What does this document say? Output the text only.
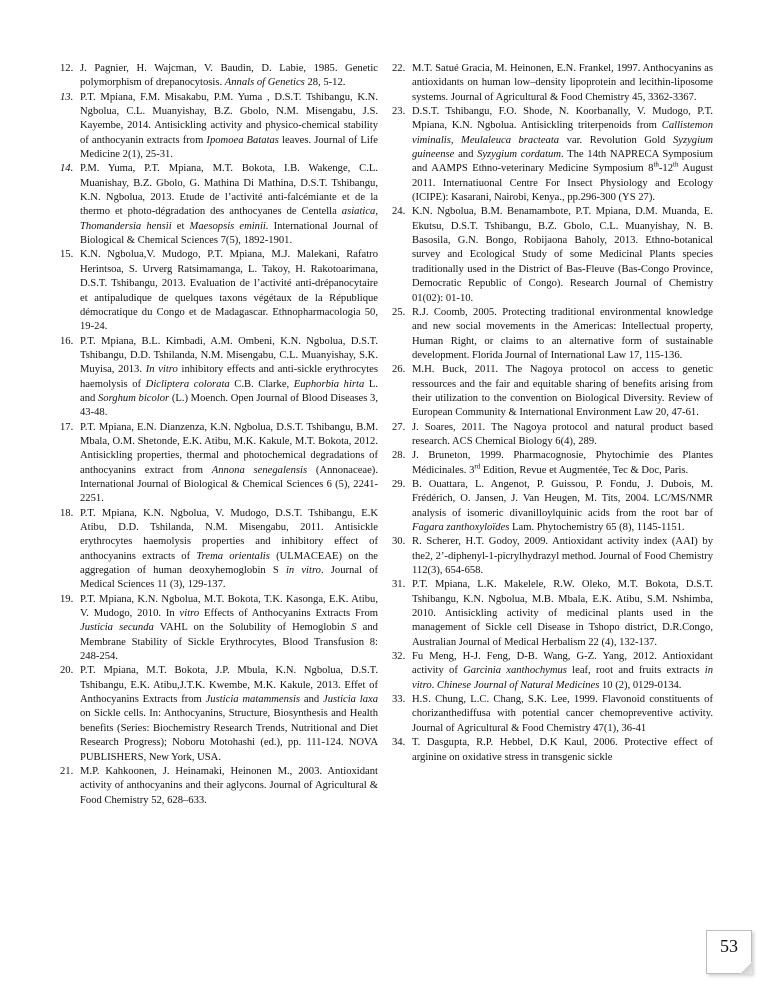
12. J. Pagnier, H. Wajcman, V. Baudin, D. Labie, 1985. Genetic polymorphism of drepanocytosis. Annals of Genetics 28, 5-12.
13. P.T. Mpiana, F.M. Misakabu, P.M. Yuma , D.S.T. Tshibangu, K.N. Ngbolua, C.L. Muanyishay, B.Z. Gbolo, N.M. Misengabu, J.S. Kayembe, 2014. Antisickling activity and physico-chemical stability of anthocyanin extracts from Ipomoea Batatas leaves. Journal of Life Medicine 2(1), 25-31.
14. P.M. Yuma, P.T. Mpiana, M.T. Bokota, I.B. Wakenge, C.L. Muanishay, B.Z. Gbolo, G. Mathina Di Mathina, D.S.T. Tshibangu, K.N. Ngbolua, 2013. Etude de l’activité anti-falcémiante et de la thermo et photo-dégradation des anthocyanes de Centella asiatica, Thomandersia hensii et Maesopsis eminii. International Journal of Biological & Chemical Sciences 7(5), 1892-1901.
15. K.N. Ngbolua,V. Mudogo, P.T. Mpiana, M.J. Malekani, Rafatro Herintsoa, S. Urverg Ratsimamanga, L. Takoy, H. Rakotoarimana, D.S.T. Tshibangu, 2013. Evaluation de l’activité anti-drépanocytaire et antipaludique de quelques taxons végétaux de la République démocratique du Congo et de Madagascar. Ethnopharmacologia 50, 19-24.
16. P.T. Mpiana, B.L. Kimbadi, A.M. Ombeni, K.N. Ngbolua, D.S.T. Tshibangu, D.D. Tshilanda, N.M. Misengabu, C.L. Muanyishay, S.K. Muyisa, 2013. In vitro inhibitory effects and anti-sickle erythrocytes haemolysis of Dicliptera colorata C.B. Clarke, Euphorbia hirta L. and Sorghum bicolor (L.) Moench. Open Journal of Blood Diseases 3, 43-48.
17. P.T. Mpiana, E.N. Dianzenza, K.N. Ngbolua, D.S.T. Tshibangu, B.M. Mbala, O.M. Shetonde, E.K. Atibu, M.K. Kakule, M.T. Bokota, 2012. Antisickling properties, thermal and photochemical degradations of anthocyanins extract from Annona senegalensis (Annonaceae). International Journal of Biological & Chemical Sciences 6 (5), 2241-2251.
18. P.T. Mpiana, K.N. Ngbolua, V. Mudogo, D.S.T. Tshibangu, E.K Atibu, D.D. Tshilanda, N.M. Misengabu, 2011. Antisickle erythrocytes haemolysis properties and inhibitory effect of anthocyanins extracts of Trema orientalis (ULMACEAE) on the aggregation of human deoxyhemoglobin S in vitro. Journal of Medical Sciences 11 (3), 129-137.
19. P.T. Mpiana, K.N. Ngbolua, M.T. Bokota, T.K. Kasonga, E.K. Atibu, V. Mudogo, 2010. In vitro Effects of Anthocyanins Extracts From Justicia secunda VAHL on the Solubility of Hemoglobin S and Membrane Stability of Sickle Erythrocytes, Blood Transfusion 8: 248-254.
20. P.T. Mpiana, M.T. Bokota, J.P. Mbula, K.N. Ngbolua, D.S.T. Tshibangu, E.K. Atibu,J.T.K. Kwembe, M.K. Kakule, 2013. Effet of Anthocyanins Extracts from Justicia matammensis and Justicia laxa on Sickle cells. In: Anthocyanins, Structure, Biosynthesis and Health benefits (Series: Biochemistry Research Trends, Nutritional and Diet Research Progress); Noboru Motohashi (ed.), pp. 111-124. NOVA PUBLISHERS, New York, USA.
21. M.P. Kahkoonen, J. Heinamaki, Heinonen M., 2003. Antioxidant activity of anthocyanins and their aglycons. Journal of Agricultural & Food Chemistry 52, 628–633.
22. M.T. Satué Gracia, M. Heinonen, E.N. Frankel, 1997. Anthocyanins as antioxidants on human low–density lipoprotein and lecithin-liposome systems. Journal of Agricultural & Food Chemistry 45, 3362-3367.
23. D.S.T. Tshibangu, F.O. Shode, N. Koorbanally, V. Mudogo, P.T. Mpiana, K.N. Ngbolua. Antisickling triterpenoids from Callistemon viminalis, Meulaleuca bracteata var. Revolution Gold Syzygium guineense and Syzygium cordatum. The 14th NAPRECA Symposium and AAMPS Ethno-veterinary Medicine Symposium 8th-12th August 2011. Internatiuonal Centre For Insect Physiology and Ecology (ICIPE): Kasarani, Nairobi, Kenya., pp.296-300 (YS 27).
24. K.N. Ngbolua, B.M. Benamambote, P.T. Mpiana, D.M. Muanda, E. Ekutsu, D.S.T. Tshibangu, B.Z. Gbolo, C.L. Muanyishay, N. B. Basosila, G.N. Bongo, Robijaona Baholy, 2013. Ethno-botanical survey and Ecological Study of some Medicinal Plants species traditionally used in the District of Bas-Fleuve (Bas-Congo Province, Democratic Republic of Congo). Research Journal of Chemistry 01(02): 01-10.
25. R.J. Coomb, 2005. Protecting traditional environmental knowledge and new social movements in the Americas: Intellectual property, Human Right, or claims to an alternative form of sustainable development. Florida Journal of International Law 17, 115-136.
26. M.H. Buck, 2011. The Nagoya protocol on access to genetic ressources and the fair and equitable sharing of benefits arising from their utilization to the convention on Biological Diversity. Review of European Community & International Environment Law 20, 47-61.
27. J. Soares, 2011. The Nagoya protocol and natural product based research. ACS Chemical Biology 6(4), 289.
28. J. Bruneton, 1999. Pharmacognosie, Phytochimie des Plantes Médicinales. 3rd Edition, Revue et Augmentée, Tec & Doc, Paris.
29. B. Ouattara, L. Angenot, P. Guissou, P. Fondu, J. Dubois, M. Frédérich, O. Jansen, J. Van Heugen, M. Tits, 2004. LC/MS/NMR analysis of isomeric divanilloylquinic acids from the root bar of Fagara zanthoxyloïdes Lam. Phytochemistry 65 (8), 1145-1151.
30. R. Scherer, H.T. Godoy, 2009. Antioxidant activity index (AAI) by the2, 2’-diphenyl-1-picrylhydrazyl method. Journal of Food Chemistry 112(3), 654-658.
31. P.T. Mpiana, L.K. Makelele, R.W. Oleko, M.T. Bokota, D.S.T. Tshibangu, K.N. Ngbolua, M.B. Mbala, E.K. Atibu, S.M. Nshimba, 2010. Antisickling activity of medicinal plants used in the management of Sickle cell Disease in Tshopo district, D.R.Congo, Australian Journal of Medical Herbalism 22 (4), 132-137.
32. Fu Meng, H-J. Feng, D-B. Wang, G-Z. Yang, 2012. Antioxidant activity of Garcinia xanthochymus leaf, root and fruits extracts in vitro. Chinese Journal of Natural Medicines 10 (2), 0129-0134.
33. H.S. Chung, L.C. Chang, S.K. Lee, 1999. Flavonoid constituents of chorizanthediffusa with potential cancer chemopreventive activity. Journal of Agricultural & Food Chemistry 47(1), 36-41
34. T. Dasgupta, R.P. Hebbel, D.K Kaul, 2006. Protective effect of arginine on oxidative stress in transgenic sickle
53
